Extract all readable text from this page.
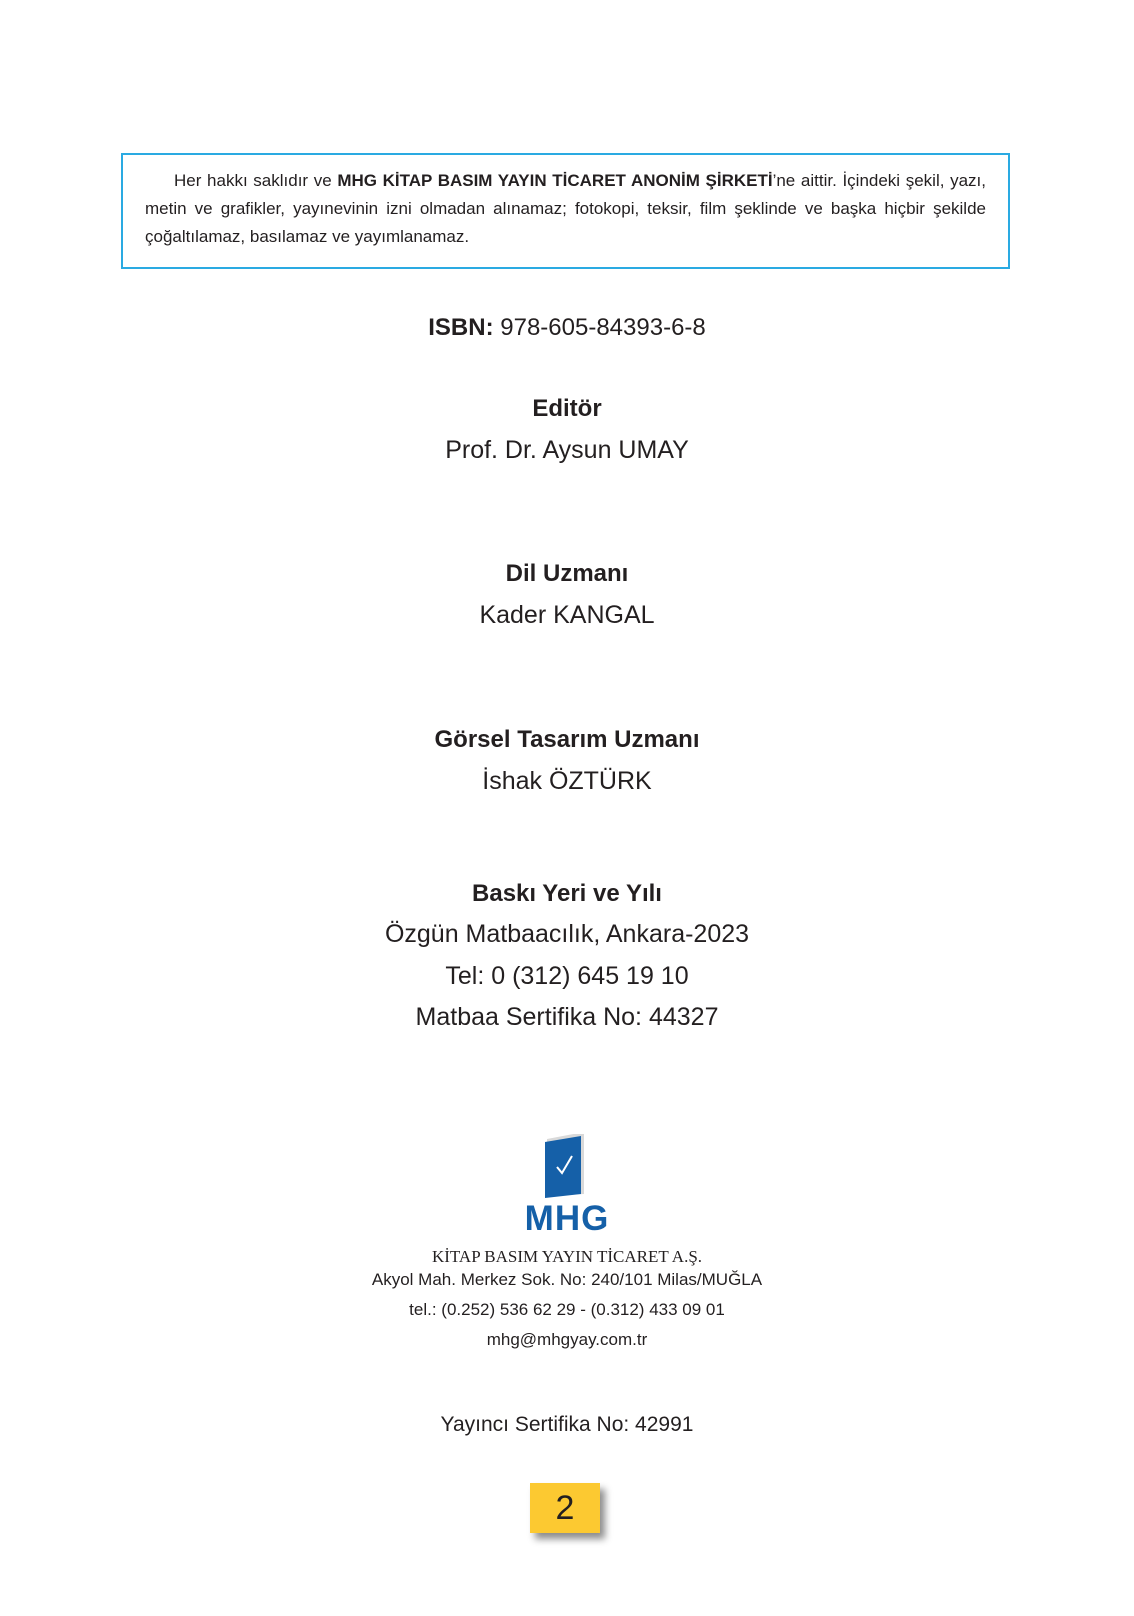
Her hakkı saklıdır ve MHG KİTAP BASIM YAYIN TİCARET ANONİM ŞİRKETİ’ne aittir. İçindeki şekil, yazı, metin ve grafikler, yayınevinin izni olmadan alınamaz; fotokopi, teksir, film şeklinde ve başka hiçbir şekilde çoğaltılamaz, basılamaz ve yayımlanamaz.
ISBN: 978-605-84393-6-8
Editör
Prof. Dr. Aysun UMAY
Dil Uzmanı
Kader KANGAL
Görsel Tasarım Uzmanı
İshak ÖZTÜRK
Baskı Yeri ve Yılı
Özgün Matbaacılık, Ankara-2023
Tel: 0 (312) 645 19 10
Matbaa Sertifika No: 44327
MHG
KİTAP BASIM YAYIN TİCARET A.Ş.
Akyol Mah. Merkez Sok. No: 240/101 Milas/MUĞLA
tel.: (0.252) 536 62 29 - (0.312) 433 09 01
mhg@mhgyay.com.tr
Yayıncı Sertifika No: 42991
2
